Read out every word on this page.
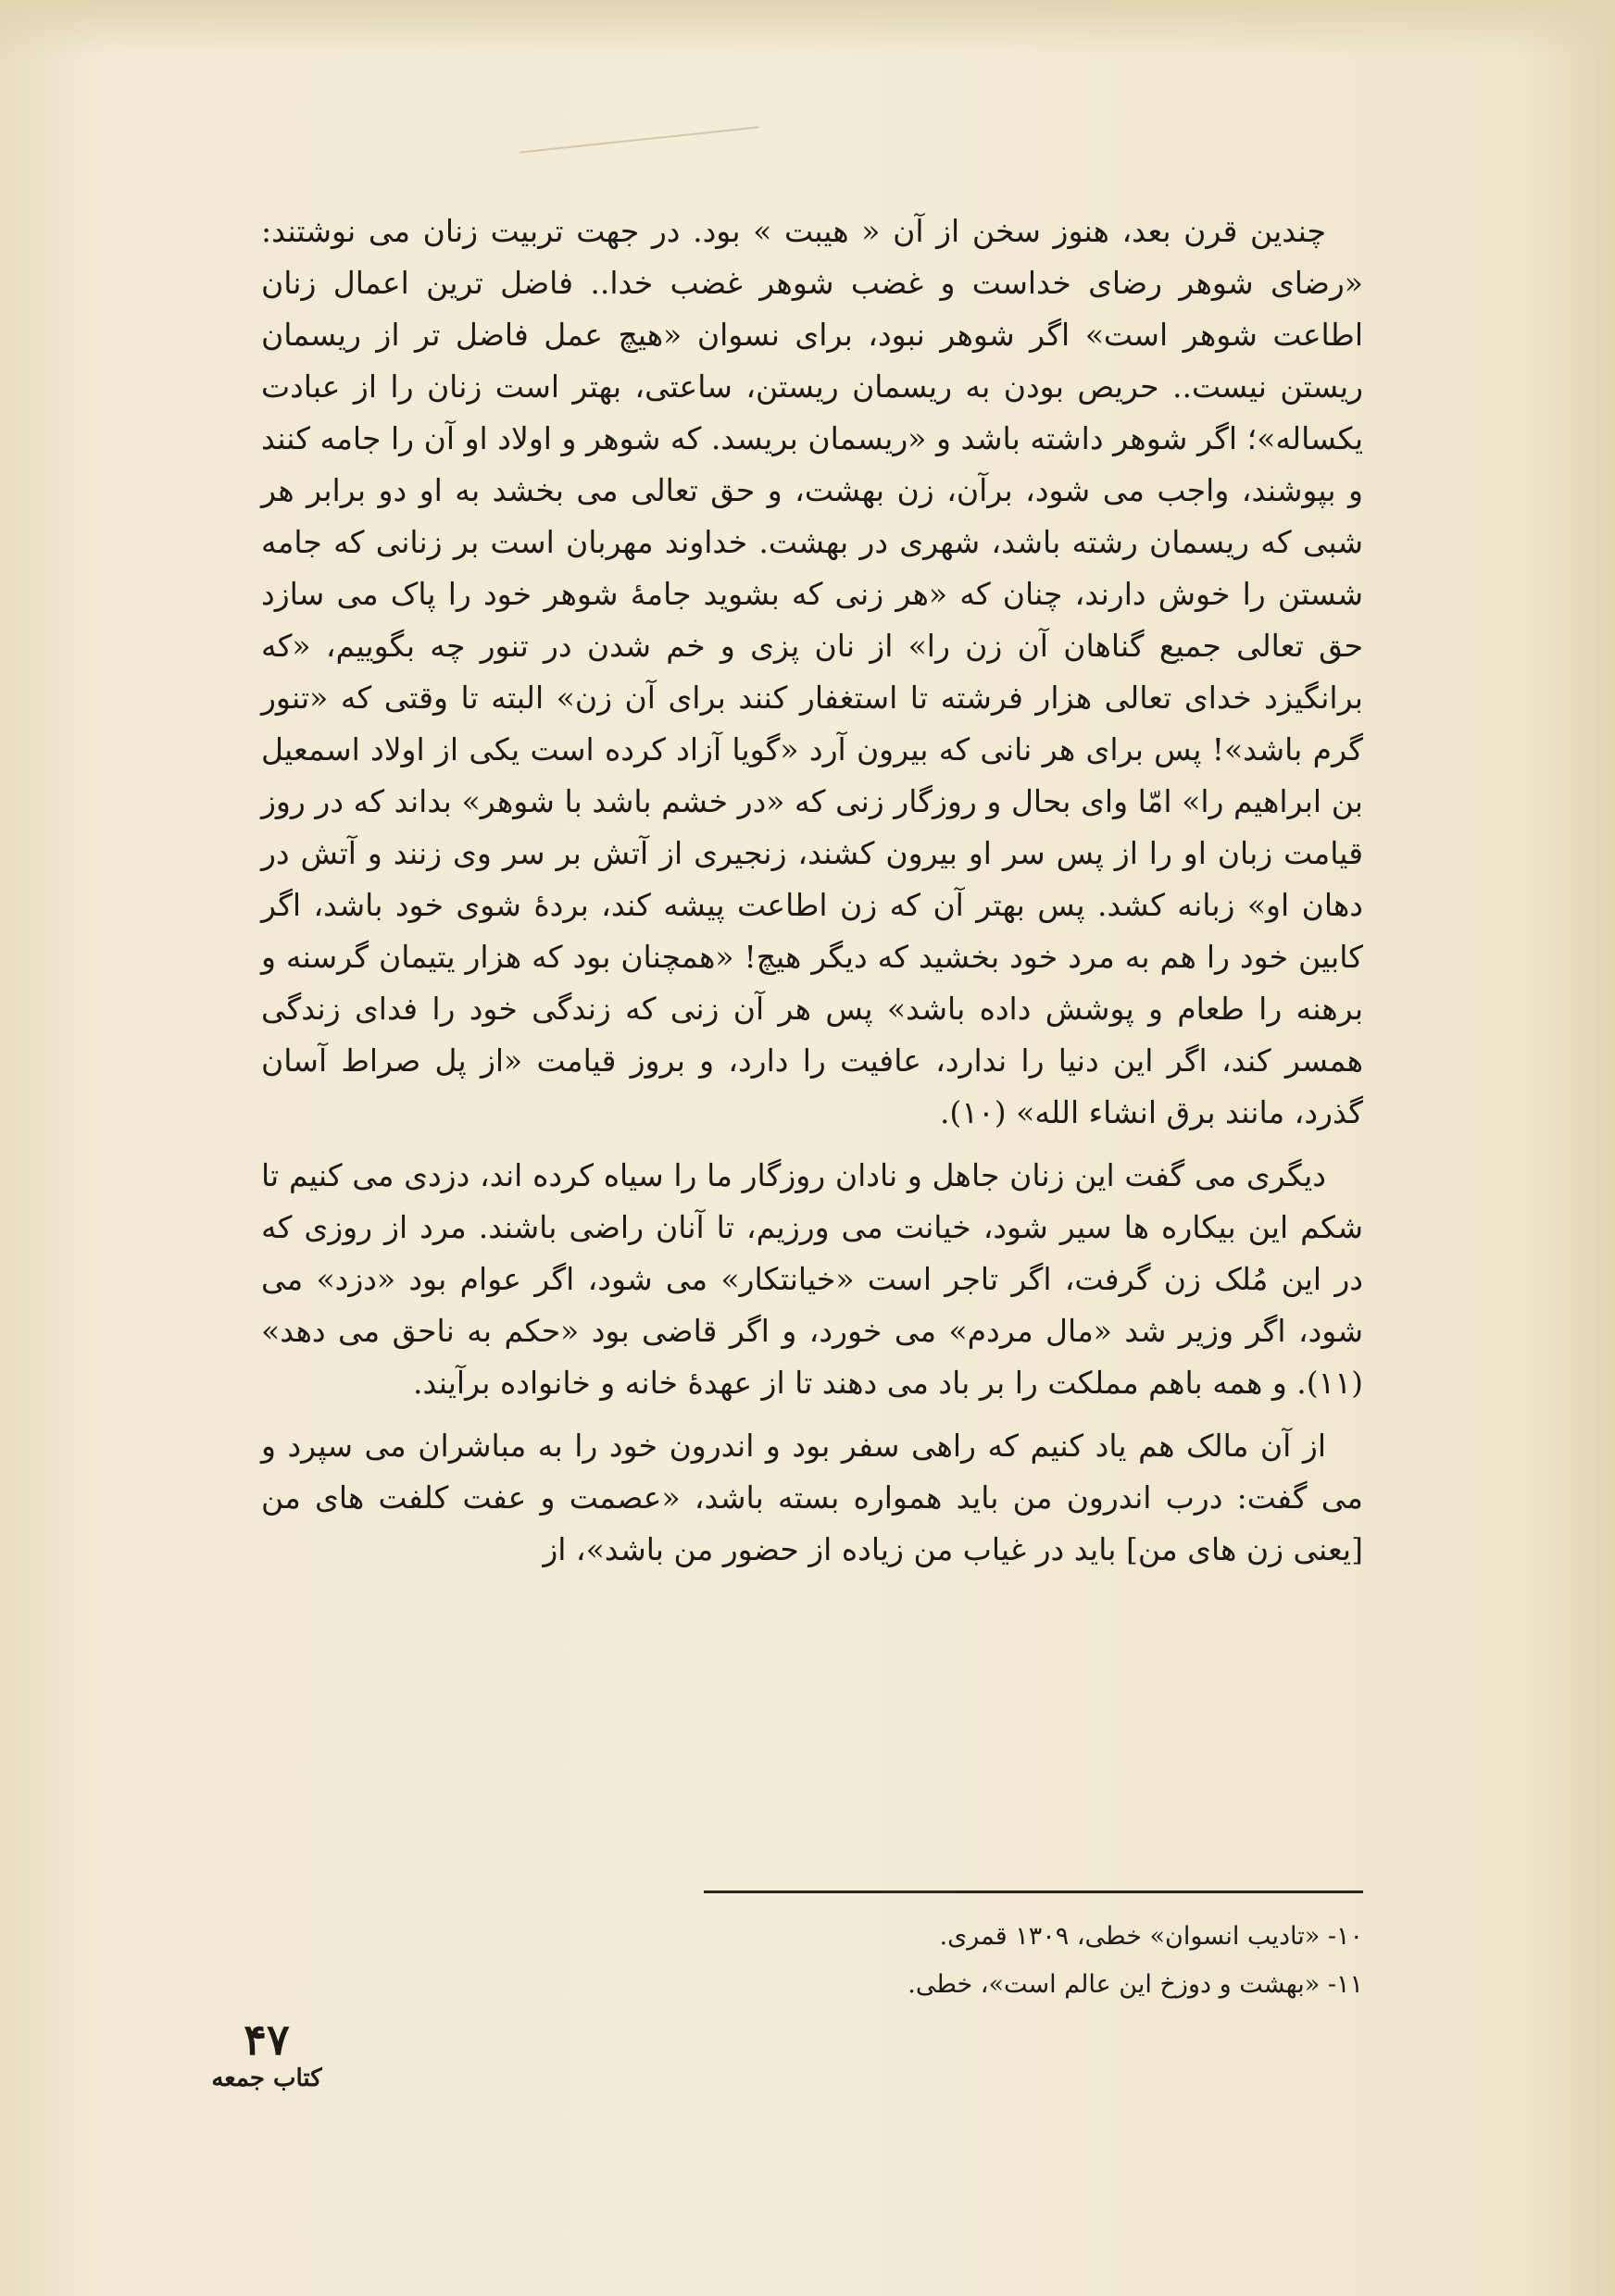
چندین قرن بعد، هنوز سخن از آن « هیبت » بود. در جهت تربیت زنان می نوشتند: «رضای شوهر رضای خداست و غضب شوهر غضب خدا.. فاضل ترین اعمال زنان اطاعت شوهر است» اگر شوهر نبود، برای نسوان «هیچ عمل فاضل تر از ریسمان ریستن نیست.. حریص بودن به ریسمان ریستن، ساعتی، بهتر است زنان را از عبادت یکساله»؛ اگر شوهر داشته باشد و «ریسمان بریسد. که شوهر و اولاد او آن را جامه کنند و بپوشند، واجب می شود، برآن، زن بهشت، و حق تعالی می بخشد به او دو برابر هر شبی که ریسمان رشته باشد، شهری در بهشت. خداوند مهربان است بر زنانی که جامه شستن را خوش دارند، چنان که «هر زنی که بشوید جامهٔ شوهر خود را پاک می سازد حق تعالی جمیع گناهان آن زن را» از نان پزی و خم شدن در تنور چه بگوییم، «که برانگیزد خدای تعالی هزار فرشته تا استغفار کنند برای آن زن» البته تا وقتی که «تنور گرم باشد»! پس برای هر نانی که بیرون آرد «گویا آزاد کرده است یکی از اولاد اسمعیل بن ابراهیم را» امّا وای بحال و روزگار زنی که «در خشم باشد با شوهر» بداند که در روز قیامت زبان او را از پس سر او بیرون کشند، زنجیری از آتش بر سر وی زنند و آتش در دهان او» زبانه کشد. پس بهتر آن که زن اطاعت پیشه کند، بردهٔ شوی خود باشد، اگر کابین خود را هم به مرد خود بخشید که دیگر هیچ! «همچنان بود که هزار یتیمان گرسنه و برهنه را طعام و پوشش داده باشد» پس هر آن زنی که زندگی خود را فدای زندگی همسر کند، اگر این دنیا را ندارد، عافیت را دارد، و بروز قیامت «از پل صراط آسان گذرد، مانند برق انشاء الله» (۱۰).

دیگری می گفت این زنان جاهل و نادان روزگار ما را سیاه کرده اند، دزدی می کنیم تا شکم این بیکاره ها سیر شود، خیانت می ورزیم، تا آنان راضی باشند. مرد از روزی که در این مُلک زن گرفت، اگر تاجر است «خیانتکار» می شود، اگر عوام بود «دزد» می شود، اگر وزیر شد «مال مردم» می خورد، و اگر قاضی بود «حکم به ناحق می دهد» (۱۱). و همه باهم مملکت را بر باد می دهند تا از عهدهٔ خانه و خانواده برآیند.

از آن مالک هم یاد کنیم که راهی سفر بود و اندرون خود را به مباشران می سپرد و می گفت: درب اندرون من باید همواره بسته باشد، «عصمت و عفت کلفت های من [یعنی زن های من] باید در غیاب من زیاده از حضور من باشد»، از

۱۰- «تادیب انسوان» خطی، ۱۳۰۹ قمری.
۱۱- «بهشت و دوزخ این عالم است»، خطی.
۴۷
کتاب جمعه
